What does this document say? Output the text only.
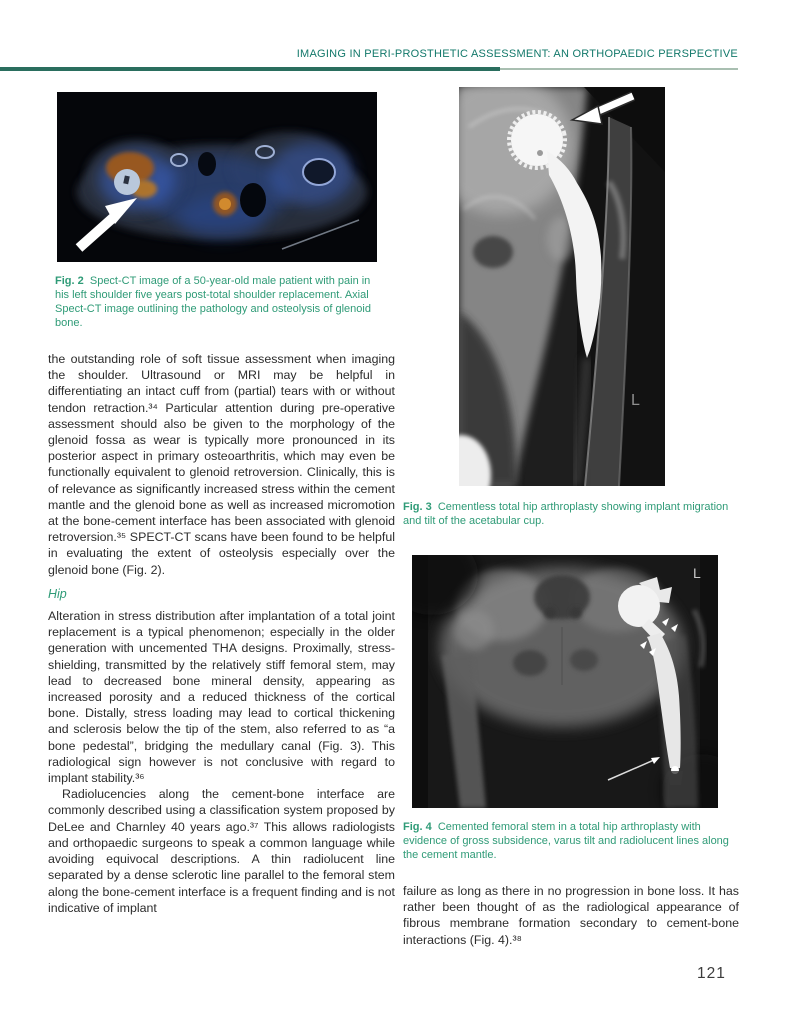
IMAGING IN PERI-PROSTHETIC ASSESSMENT: AN ORTHOPAEDIC PERSPECTIVE

Fig. 2 Spect-CT image of a 50-year-old male patient with pain in his left shoulder five years post-total shoulder replacement. Axial Spect-CT image outlining the pathology and osteolysis of glenoid bone.

the outstanding role of soft tissue assessment when imaging the shoulder. Ultrasound or MRI may be helpful in differentiating an intact cuff from (partial) tears with or without tendon retraction.³⁴ Particular attention during pre-operative assessment should also be given to the morphology of the glenoid fossa as wear is typically more pronounced in its posterior aspect in primary osteoarthritis, which may even be functionally equivalent to glenoid retroversion. Clinically, this is of relevance as significantly increased stress within the cement mantle and the glenoid bone as well as increased micromotion at the bone-cement interface has been associated with glenoid retroversion.³⁵ SPECT-CT scans have been found to be helpful in evaluating the extent of osteolysis especially over the glenoid bone (Fig. 2).

Hip

Alteration in stress distribution after implantation of a total joint replacement is a typical phenomenon; especially in the older generation with uncemented THA designs. Proximally, stress-shielding, transmitted by the relatively stiff femoral stem, may lead to decreased bone mineral density, appearing as increased porosity and a reduced thickness of the cortical bone. Distally, stress loading may lead to cortical thickening and sclerosis below the tip of the stem, also referred to as “a bone pedestal”, bridging the medullary canal (Fig. 3). This radiological sign however is not conclusive with regard to implant stability.³⁶

Radiolucencies along the cement-bone interface are commonly described using a classification system proposed by DeLee and Charnley 40 years ago.³⁷ This allows radiologists and orthopaedic surgeons to speak a common language while avoiding equivocal descriptions. A thin radiolucent line separated by a dense sclerotic line parallel to the femoral stem along the bone-cement interface is a frequent finding and is not indicative of implant

L

Fig. 3 Cementless total hip arthroplasty showing implant migration and tilt of the acetabular cup.

L

Fig. 4 Cemented femoral stem in a total hip arthroplasty with evidence of gross subsidence, varus tilt and radiolucent lines along the cement mantle.

failure as long as there in no progression in bone loss. It has rather been thought of as the radiological appearance of fibrous membrane formation secondary to cement-bone interactions (Fig. 4).³⁸

121
